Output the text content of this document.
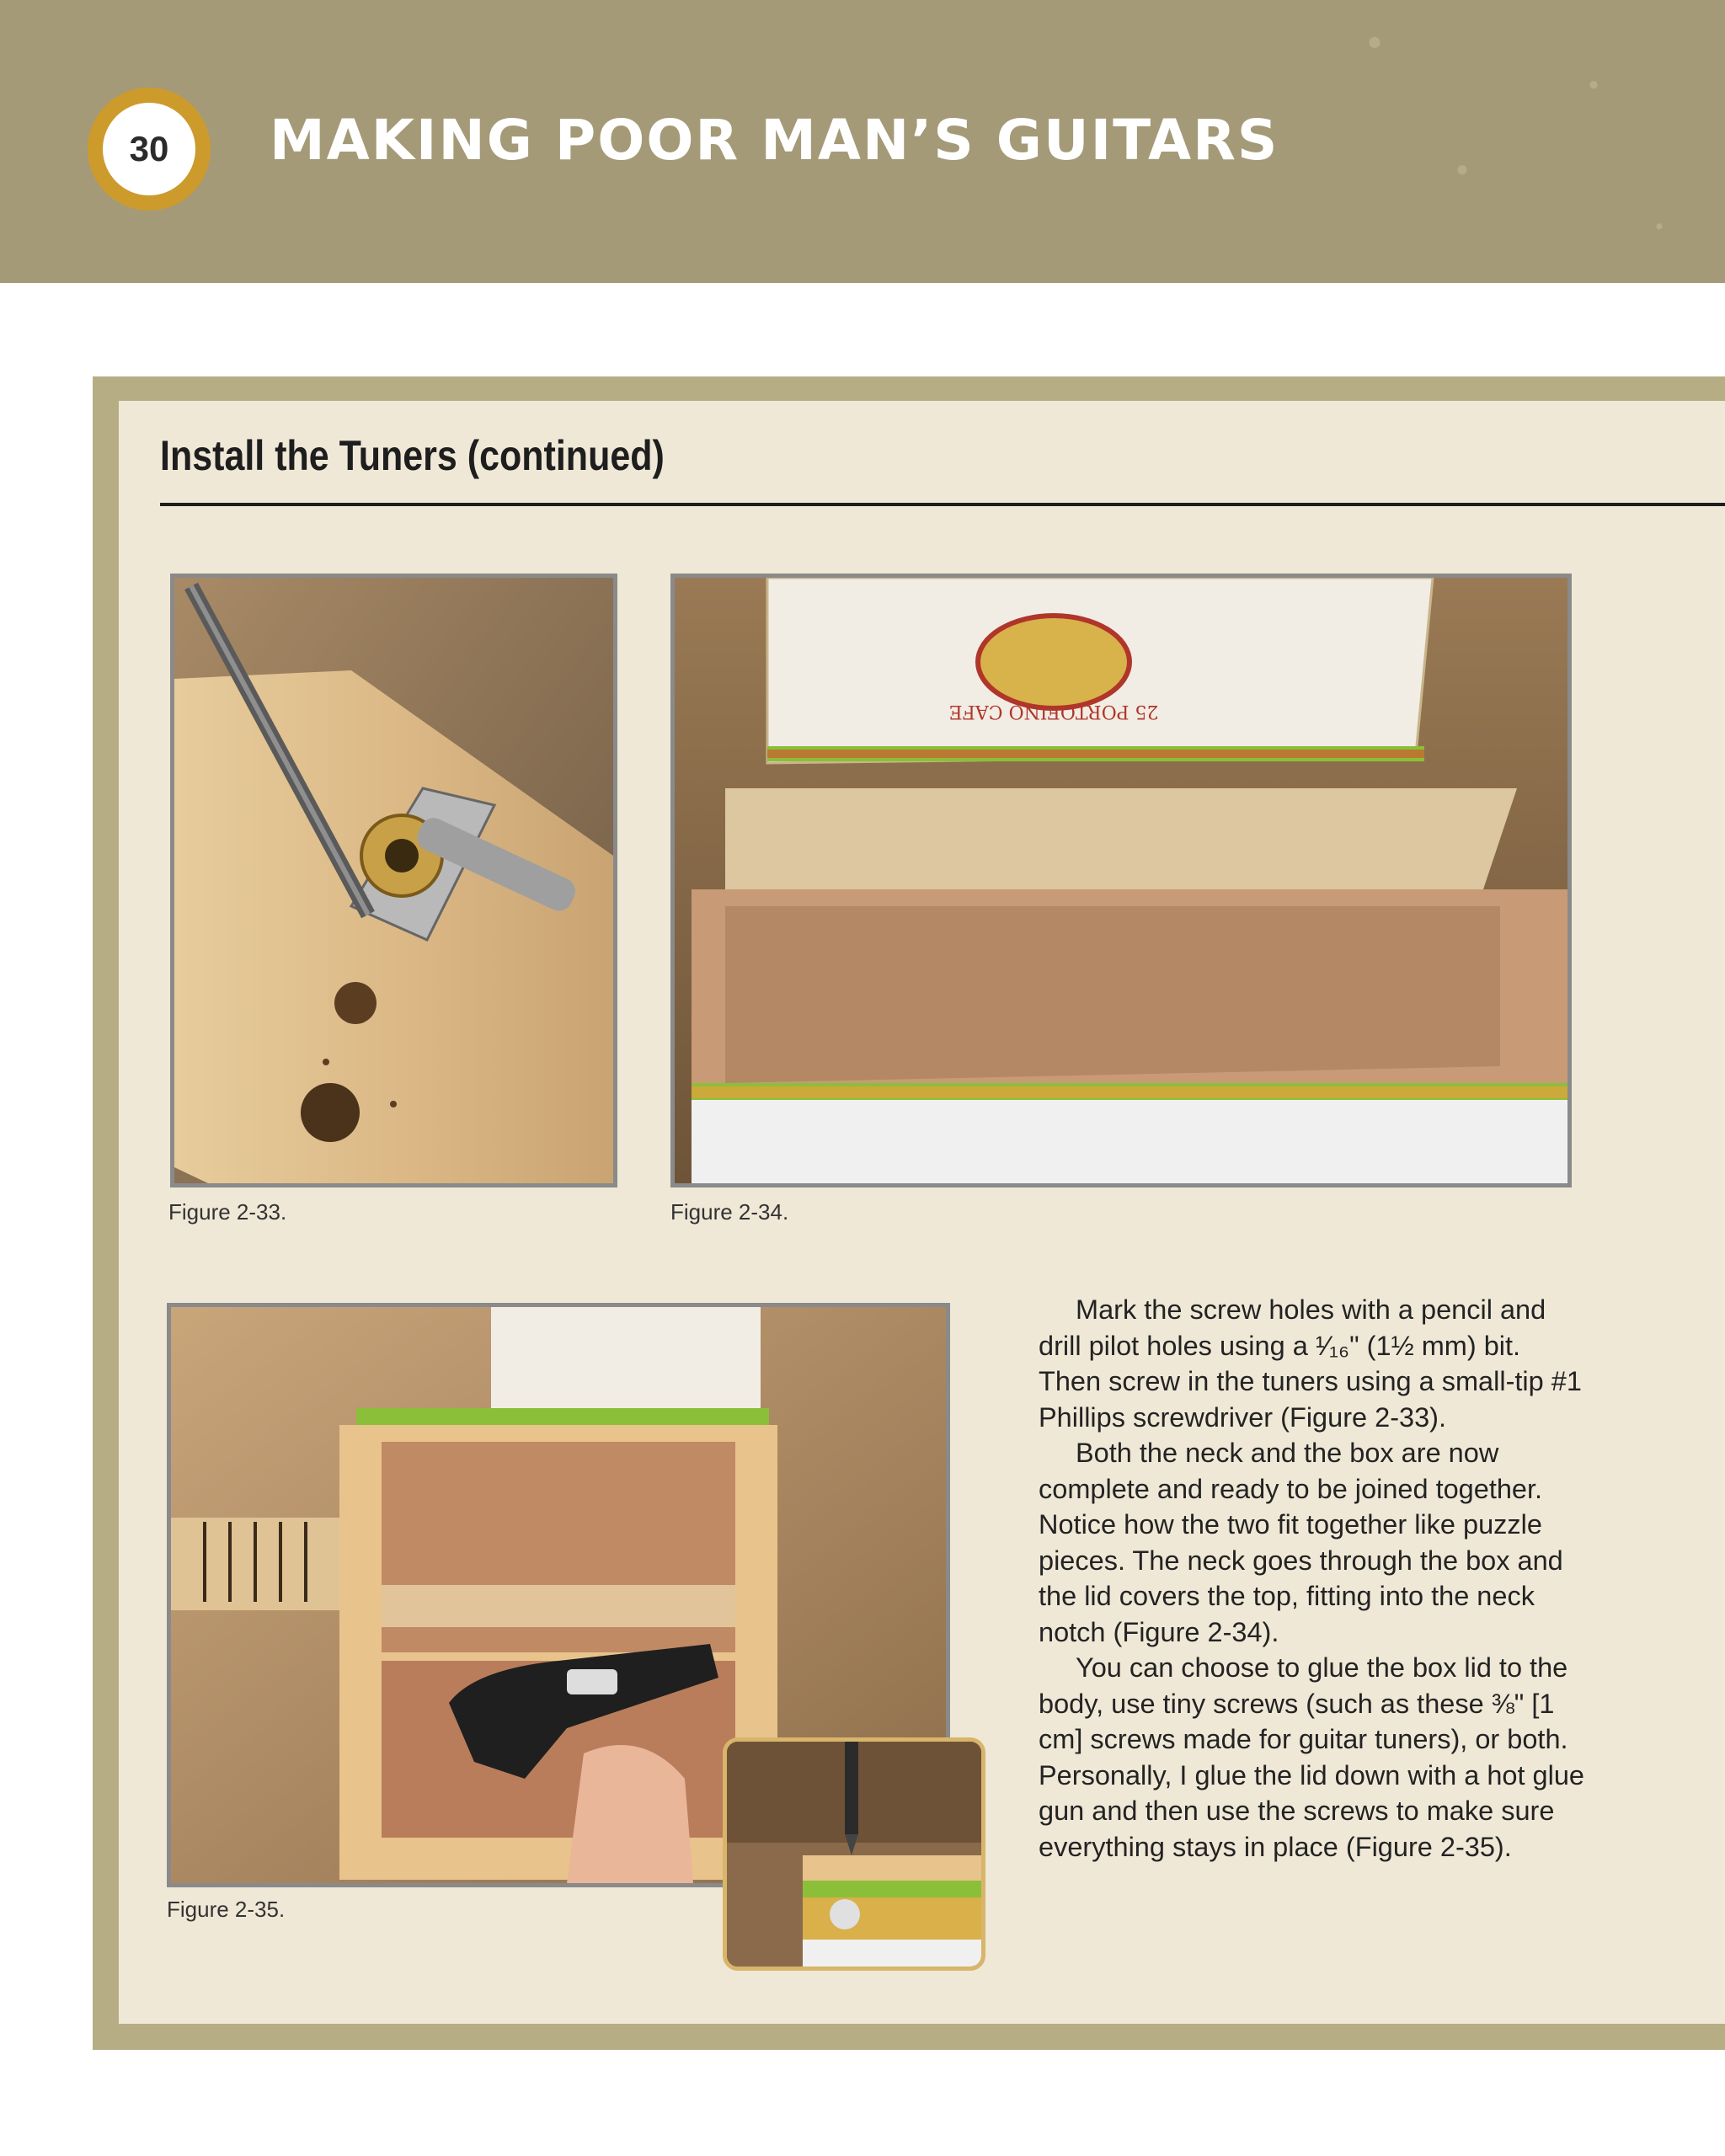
30	MAKING POOR MAN’S GUITARS
Install the Tuners (continued)
Figure 2-33.
25 PORTOFINO CAFE
Figure 2-34.
Figure 2-35.

Mark the screw holes with a pencil and
drill pilot holes using a ¹⁄₁₆" (1½ mm) bit.
Then screw in the tuners using a small-tip #1
Phillips screwdriver (Figure 2-33).

Both the neck and the box are now
complete and ready to be joined together.
Notice how the two fit together like puzzle
pieces. The neck goes through the box and
the lid covers the top, fitting into the neck
notch (Figure 2-34).

You can choose to glue the box lid to the
body, use tiny screws (such as these ⅜" [1
cm] screws made for guitar tuners), or both.
Personally, I glue the lid down with a hot glue
gun and then use the screws to make sure
everything stays in place (Figure 2-35).
